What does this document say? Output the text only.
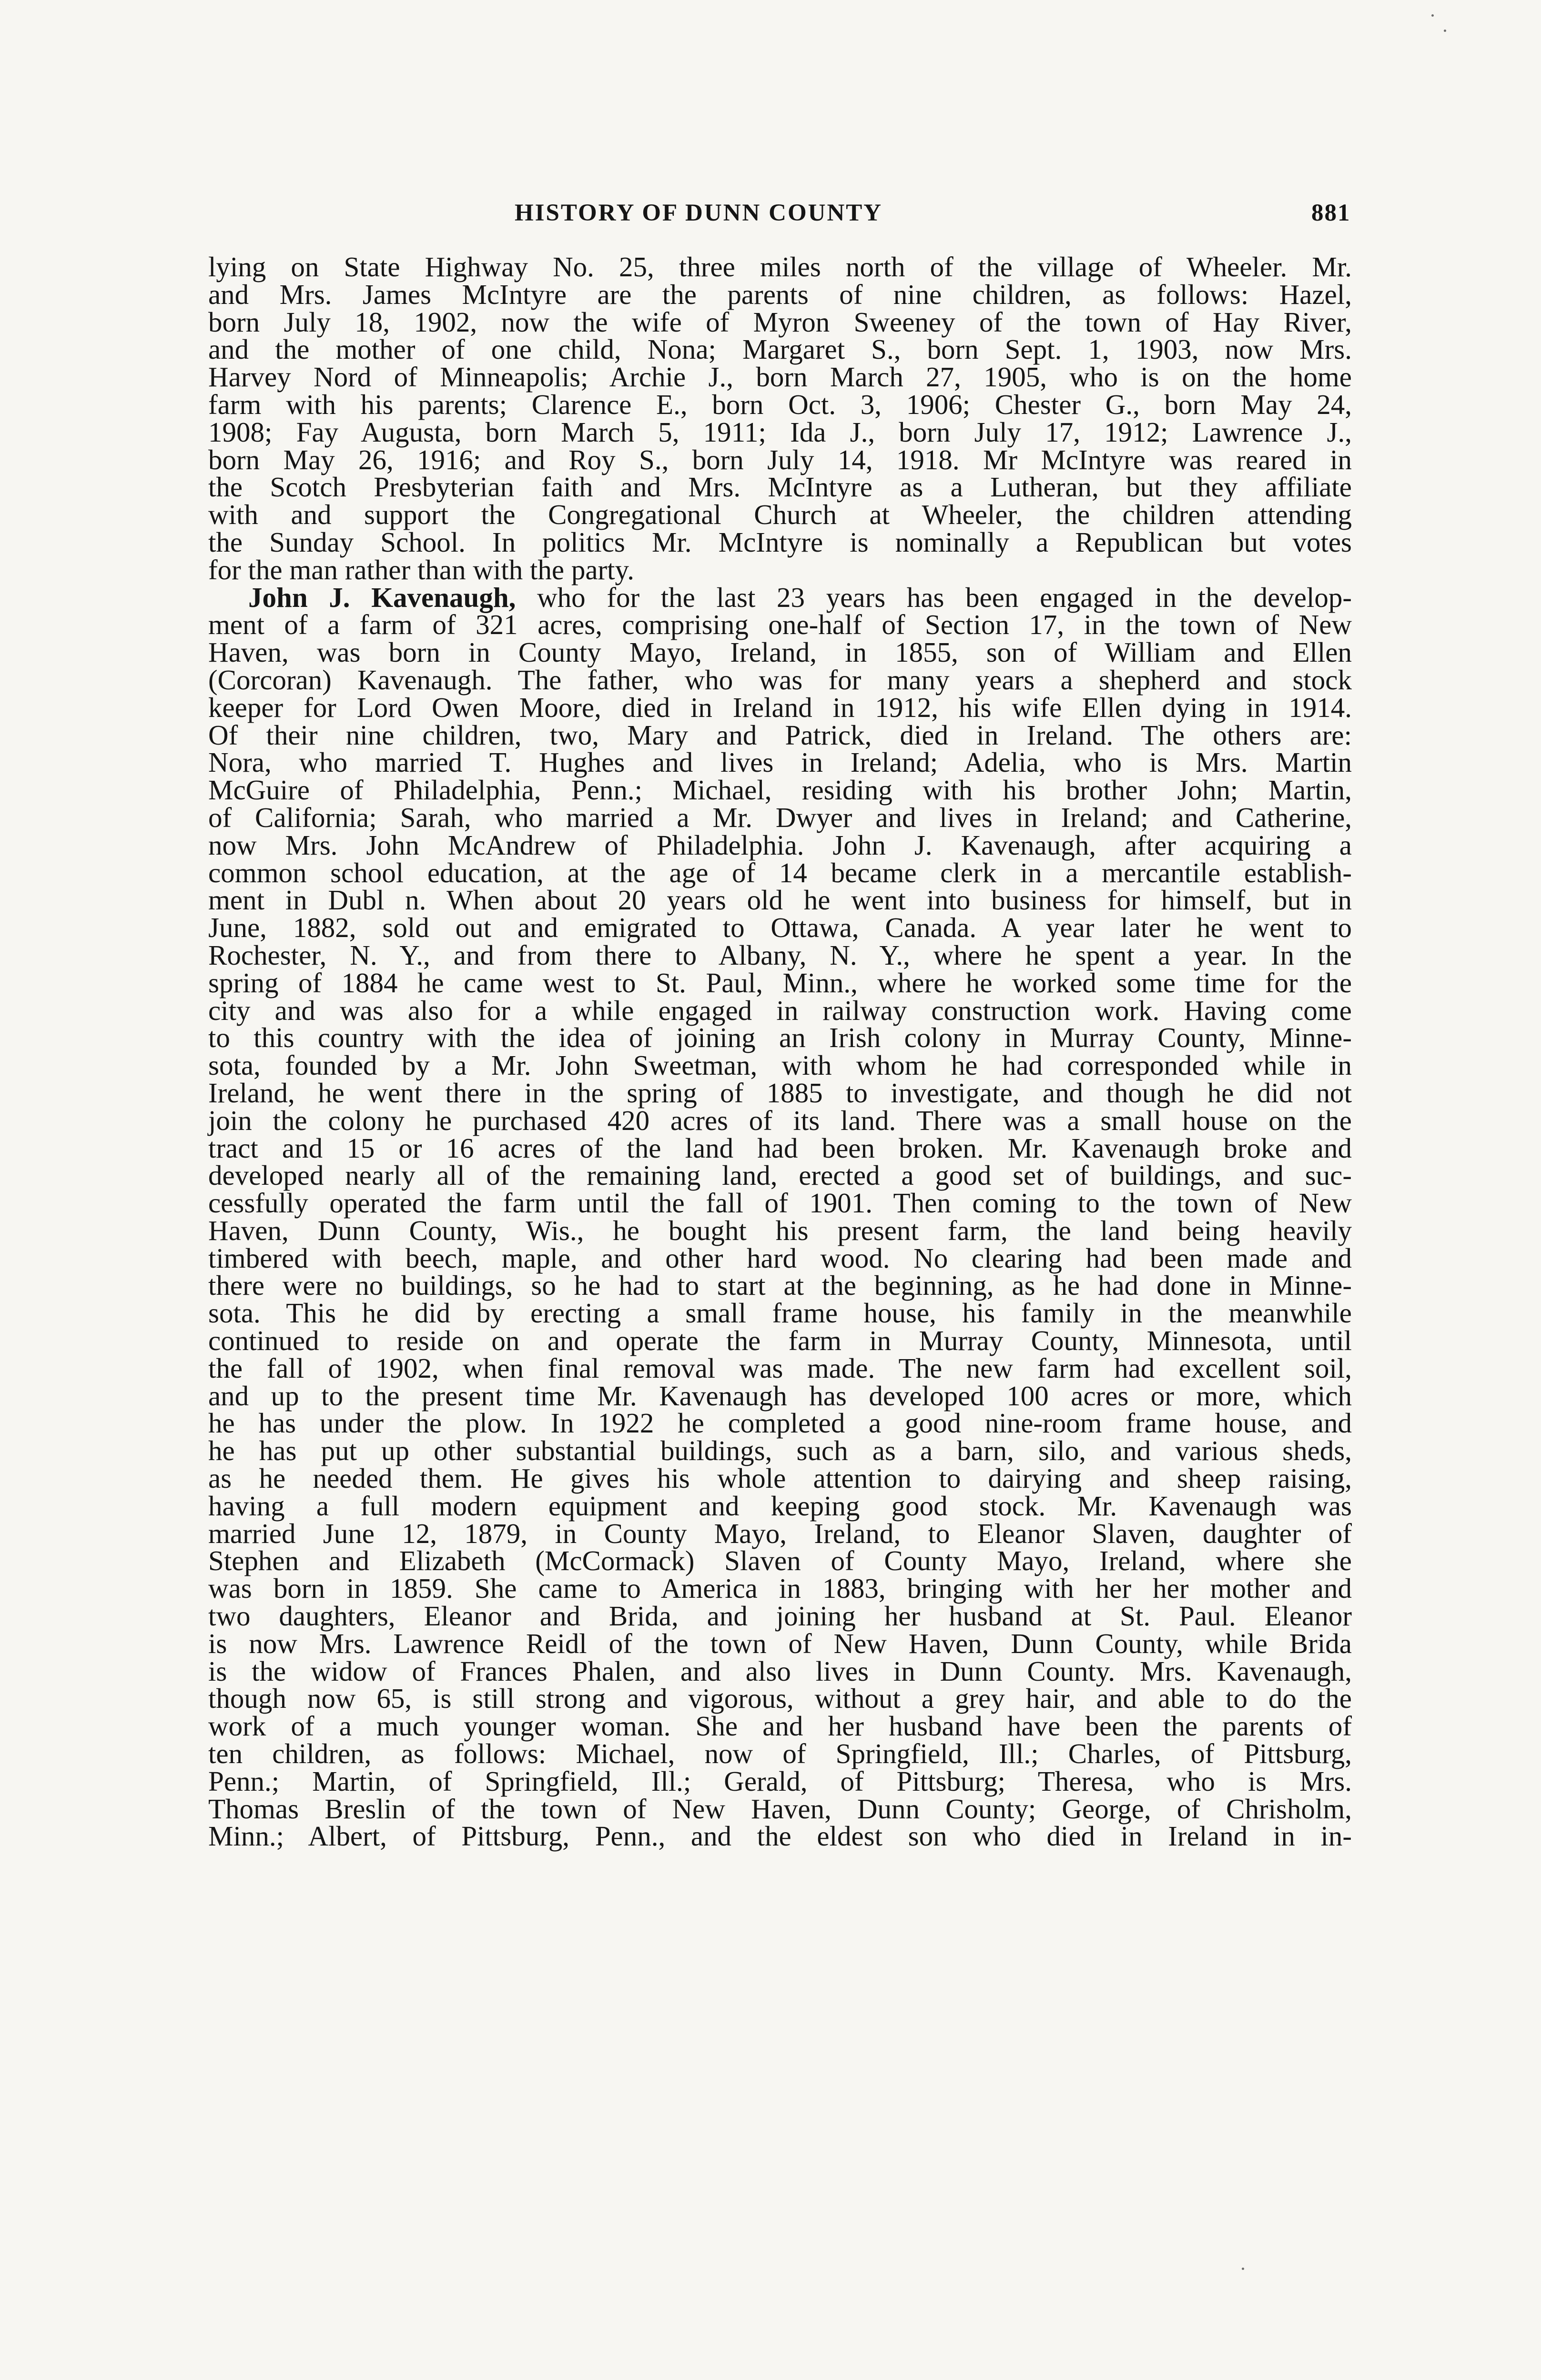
HISTORY OF DUNN COUNTY	881
lying on State Highway No. 25, three miles north of the village of Wheeler. Mr.
and Mrs. James McIntyre are the parents of nine children, as follows: Hazel,
born July 18, 1902, now the wife of Myron Sweeney of the town of Hay River,
and the mother of one child, Nona; Margaret S., born Sept. 1, 1903, now Mrs.
Harvey Nord of Minneapolis; Archie J., born March 27, 1905, who is on the home
farm with his parents; Clarence E., born Oct. 3, 1906; Chester G., born May 24,
1908; Fay Augusta, born March 5, 1911; Ida J., born July 17, 1912; Lawrence J.,
born May 26, 1916; and Roy S., born July 14, 1918. Mr McIntyre was reared in
the Scotch Presbyterian faith and Mrs. McIntyre as a Lutheran, but they affiliate
with and support the Congregational Church at Wheeler, the children attending
the Sunday School. In politics Mr. McIntyre is nominally a Republican but votes
for the man rather than with the party.
John J. Kavenaugh, who for the last 23 years has been engaged in the develop-
ment of a farm of 321 acres, comprising one-half of Section 17, in the town of New
Haven, was born in County Mayo, Ireland, in 1855, son of William and Ellen
(Corcoran) Kavenaugh. The father, who was for many years a shepherd and stock
keeper for Lord Owen Moore, died in Ireland in 1912, his wife Ellen dying in 1914.
Of their nine children, two, Mary and Patrick, died in Ireland. The others are:
Nora, who married T. Hughes and lives in Ireland; Adelia, who is Mrs. Martin
McGuire of Philadelphia, Penn.; Michael, residing with his brother John; Martin,
of California; Sarah, who married a Mr. Dwyer and lives in Ireland; and Catherine,
now Mrs. John McAndrew of Philadelphia. John J. Kavenaugh, after acquiring a
common school education, at the age of 14 became clerk in a mercantile establish-
ment in Dubl n. When about 20 years old he went into business for himself, but in
June, 1882, sold out and emigrated to Ottawa, Canada. A year later he went to
Rochester, N. Y., and from there to Albany, N. Y., where he spent a year. In the
spring of 1884 he came west to St. Paul, Minn., where he worked some time for the
city and was also for a while engaged in railway construction work. Having come
to this country with the idea of joining an Irish colony in Murray County, Minne-
sota, founded by a Mr. John Sweetman, with whom he had corresponded while in
Ireland, he went there in the spring of 1885 to investigate, and though he did not
join the colony he purchased 420 acres of its land. There was a small house on the
tract and 15 or 16 acres of the land had been broken. Mr. Kavenaugh broke and
developed nearly all of the remaining land, erected a good set of buildings, and suc-
cessfully operated the farm until the fall of 1901. Then coming to the town of New
Haven, Dunn County, Wis., he bought his present farm, the land being heavily
timbered with beech, maple, and other hard wood. No clearing had been made and
there were no buildings, so he had to start at the beginning, as he had done in Minne-
sota. This he did by erecting a small frame house, his family in the meanwhile
continued to reside on and operate the farm in Murray County, Minnesota, until
the fall of 1902, when final removal was made. The new farm had excellent soil,
and up to the present time Mr. Kavenaugh has developed 100 acres or more, which
he has under the plow. In 1922 he completed a good nine-room frame house, and
he has put up other substantial buildings, such as a barn, silo, and various sheds,
as he needed them. He gives his whole attention to dairying and sheep raising,
having a full modern equipment and keeping good stock. Mr. Kavenaugh was
married June 12, 1879, in County Mayo, Ireland, to Eleanor Slaven, daughter of
Stephen and Elizabeth (McCormack) Slaven of County Mayo, Ireland, where she
was born in 1859. She came to America in 1883, bringing with her her mother and
two daughters, Eleanor and Brida, and joining her husband at St. Paul. Eleanor
is now Mrs. Lawrence Reidl of the town of New Haven, Dunn County, while Brida
is the widow of Frances Phalen, and also lives in Dunn County. Mrs. Kavenaugh,
though now 65, is still strong and vigorous, without a grey hair, and able to do the
work of a much younger woman. She and her husband have been the parents of
ten children, as follows: Michael, now of Springfield, Ill.; Charles, of Pittsburg,
Penn.; Martin, of Springfield, Ill.; Gerald, of Pittsburg; Theresa, who is Mrs.
Thomas Breslin of the town of New Haven, Dunn County; George, of Chrisholm,
Minn.; Albert, of Pittsburg, Penn., and the eldest son who died in Ireland in in-
